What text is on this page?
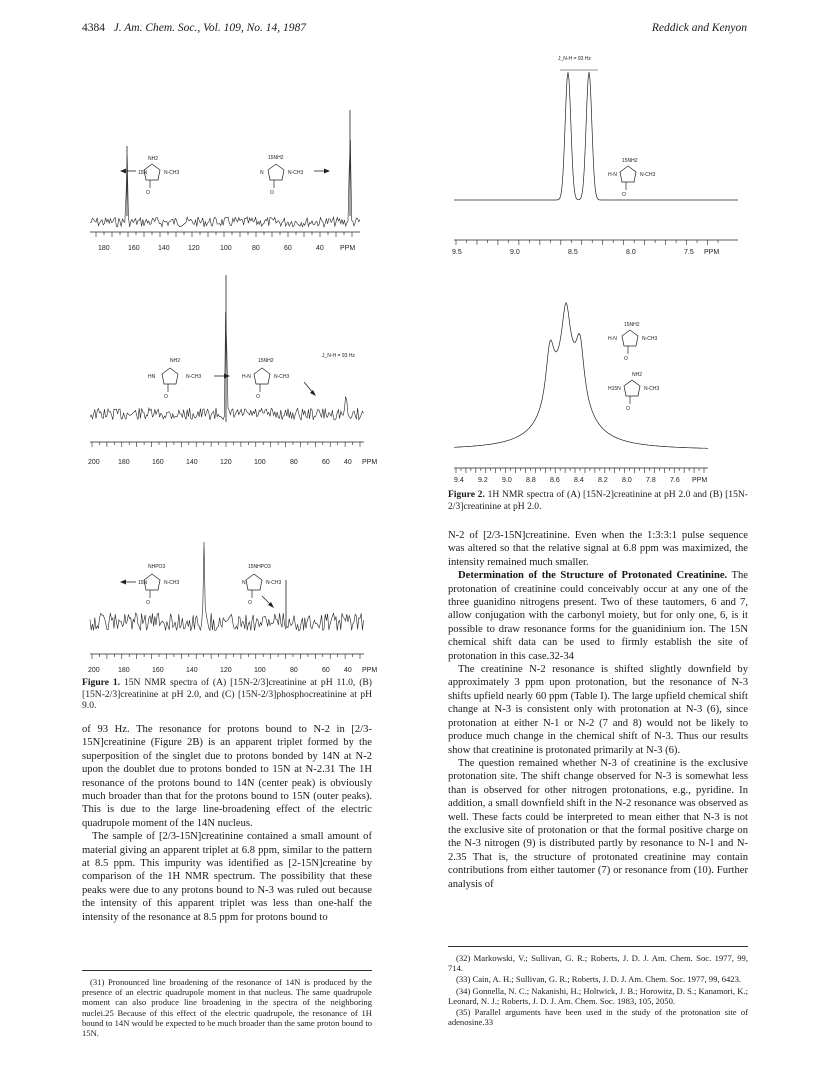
4384 J. Am. Chem. Soc., Vol. 109, No. 14, 1987	Reddick and Kenyon
NH2
15N	N-CH3
O
15NH2
N	N-CH3
O
180	160	140	120	100	80	60	40 PPM
J_N-H = 93 Hz
NH2
HN	N-CH3
O
15NH2
H-N	N-CH3
O
200	180	160	140	120	100	80	60 40 PPM
NHPO3
15N	N-CH3
O
15NHPO3
N	N-CH3
O
200	180	160	140	120	100	80	60 40 PPM
Figure 1. 15N NMR spectra of (A) [15N-2/3]creatinine at pH 11.0, (B) [15N-2/3]creatinine at pH 2.0, and (C) [15N-2/3]phosphocreatinine at pH 9.0.
J_N-H = 93 Hz
15NH2
H-N	N-CH3
O
9.5	9.0	8.5	8.0	7.5 PPM
15NH2
H-N	N-CH3
O
NH2
H15N	N-CH3
O
9.4 9.2 9.0 8.8 8.6 8.4 8.2 8.0 7.8 7.6 PPM
Figure 2. 1H NMR spectra of (A) [15N-2]creatinine at pH 2.0 and (B) [15N-2/3]creatinine at pH 2.0.

of 93 Hz. The resonance for protons bound to N-2 in [2/3-15N]creatinine (Figure 2B) is an apparent triplet formed by the superposition of the singlet due to protons bonded by 14N at N-2 upon the doublet due to protons bonded to 15N at N-2.31 The 1H resonance of the protons bound to 14N (center peak) is obviously much broader than that for the protons bound to 15N (outer peaks). This is due to the large line-broadening effect of the electric quadrupole moment of the 14N nucleus.

The sample of [2/3-15N]creatinine contained a small amount of material giving an apparent triplet at 6.8 ppm, similar to the pattern at 8.5 ppm. This impurity was identified as [2-15N]creatine by comparison of the 1H NMR spectrum. The possibility that these peaks were due to any protons bound to N-3 was ruled out because the intensity of this apparent triplet was less than one-half the intensity of the resonance at 8.5 ppm for protons bound to

N-2 of [2/3-15N]creatinine. Even when the 1:3:3:1 pulse sequence was altered so that the relative signal at 6.8 ppm was maximized, the intensity remained much smaller.

Determination of the Structure of Protonated Creatinine. The protonation of creatinine could conceivably occur at any one of the three guanidino nitrogens present. Two of these tautomers, 6 and 7, allow conjugation with the carbonyl moiety, but for only one, 6, is it possible to draw resonance forms for the guanidinium ion. The 15N chemical shift data can be used to firmly establish the site of protonation in this case.32-34

The creatinine N-2 resonance is shifted slightly downfield by approximately 3 ppm upon protonation, but the resonance of N-3 shifts upfield nearly 60 ppm (Table I). The large upfield chemical shift change at N-3 is consistent only with protonation at N-3 (6), since protonation at either N-1 or N-2 (7 and 8) would not be likely to produce much change in the chemical shift of N-3. Thus our results show that creatinine is protonated primarily at N-3 (6).

The question remained whether N-3 of creatinine is the exclusive protonation site. The shift change observed for N-3 is somewhat less than is observed for other nitrogen protonations, e.g., pyridine. In addition, a small downfield shift in the N-2 resonance was observed as well. These facts could be interpreted to mean either that N-3 is not the exclusive site of protonation or that the formal positive charge on the N-3 nitrogen (9) is distributed partly by resonance to N-1 and N-2.35 That is, the structure of protonated creatinine may contain contributions from either tautomer (7) or resonance from (10). Further analysis of

(31) Pronounced line broadening of the resonance of 14N is produced by the presence of an electric quadrupole moment in that nucleus. The same quadrupole moment can also produce line broadening in the spectra of the neighboring nuclei.25 Because of this effect of the electric quadrupole, the resonance of 1H bound to 14N would be expected to be much broader than the same proton bound to 15N.

(32) Markowski, V.; Sullivan, G. R.; Roberts, J. D. J. Am. Chem. Soc. 1977, 99, 714.

(33) Cain, A. H.; Sullivan, G. R.; Roberts, J. D. J. Am. Chem. Soc. 1977, 99, 6423.

(34) Gonnella, N. C.; Nakanishi, H.; Holtwick, J. B.; Horowitz, D. S.; Kanamori, K.; Leonard, N. J.; Roberts, J. D. J. Am. Chem. Soc. 1983, 105, 2050.

(35) Parallel arguments have been used in the study of the protonation site of adenosine.33
